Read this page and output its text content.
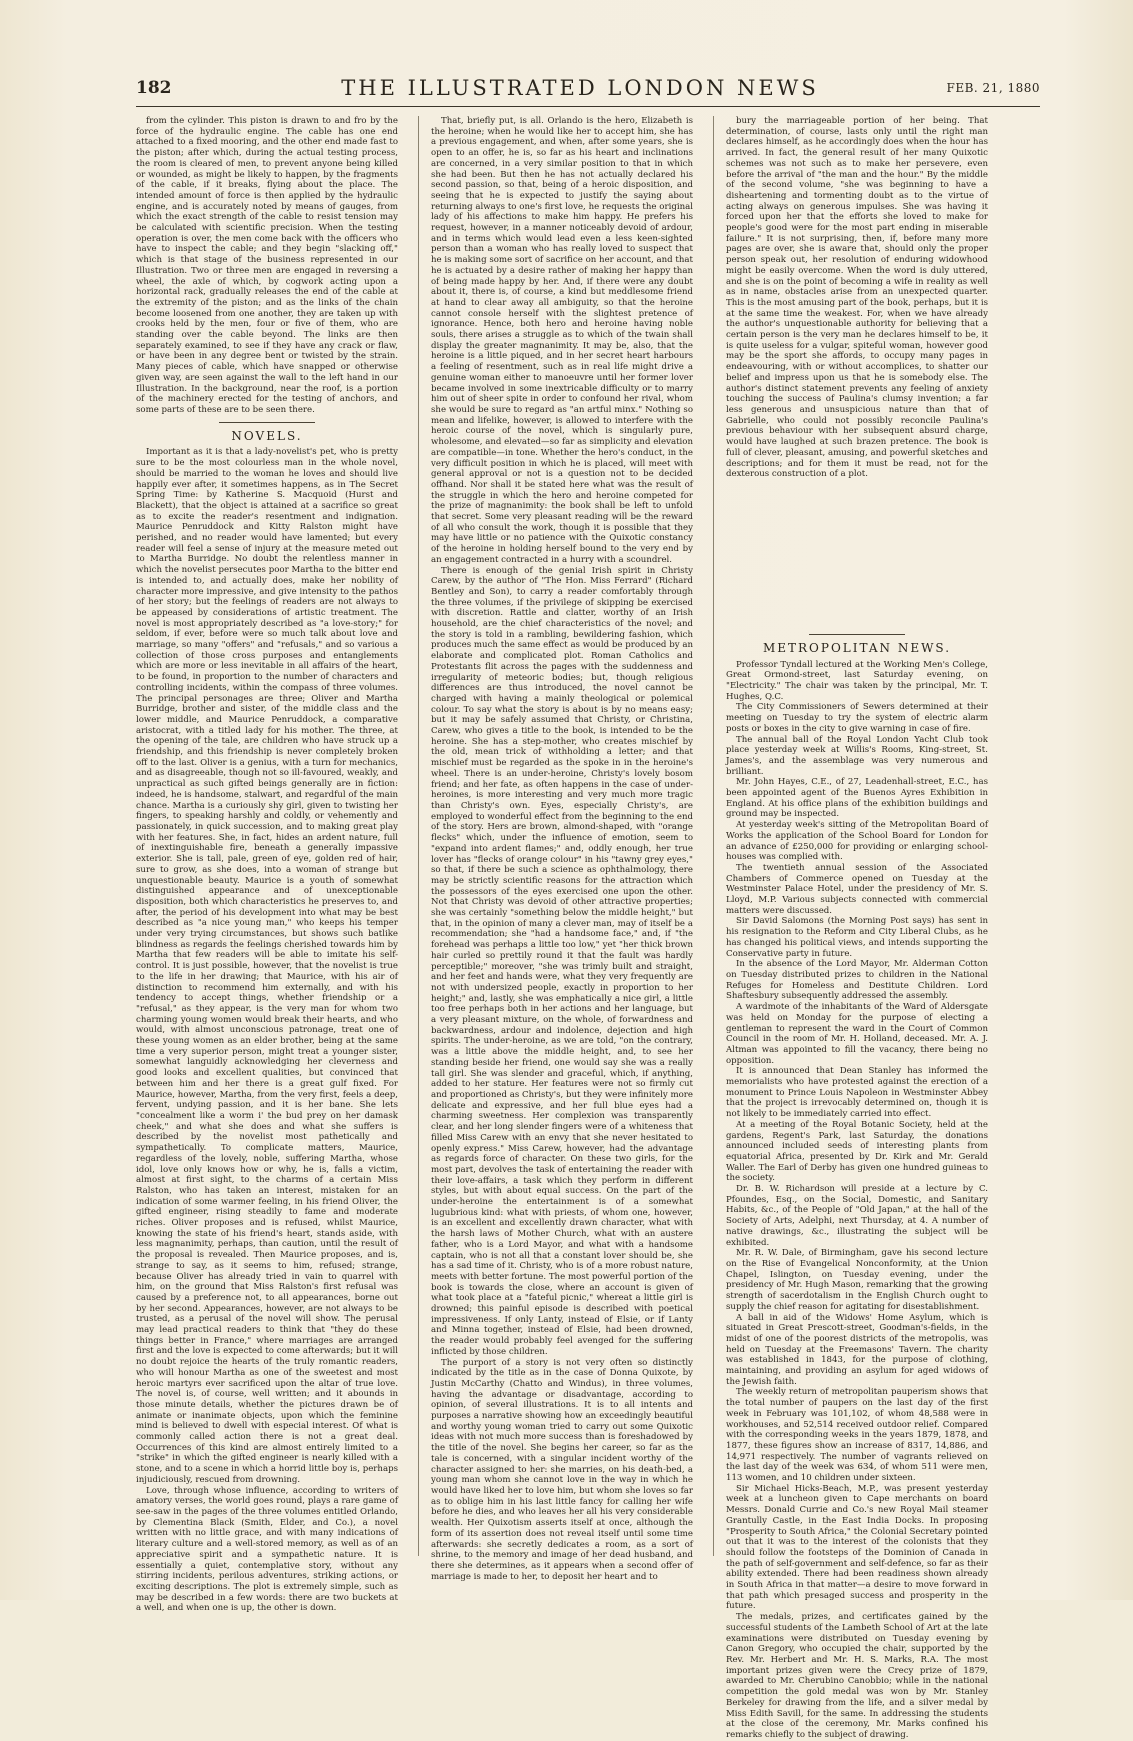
182	THE ILLUSTRATED LONDON NEWS	FEB. 21, 1880

from the cylinder. This piston is drawn to and fro by the force of the hydraulic engine. The cable has one end attached to a fixed mooring, and the other end made fast to the piston; after which, during the actual testing process, the room is cleared of men, to prevent anyone being killed or wounded, as might be likely to happen, by the fragments of the cable, if it breaks, flying about the place. The intended amount of force is then applied by the hydraulic engine, and is accurately noted by means of gauges, from which the exact strength of the cable to resist tension may be calculated with scientific precision. When the testing operation is over, the men come back with the officers who have to inspect the cable; and they begin "slacking off," which is that stage of the business represented in our Illustration. Two or three men are engaged in reversing a wheel, the axle of which, by cogwork acting upon a horizontal rack, gradually releases the end of the cable at the extremity of the piston; and as the links of the chain become loosened from one another, they are taken up with crooks held by the men, four or five of them, who are standing over the cable beyond. The links are then separately examined, to see if they have any crack or flaw, or have been in any degree bent or twisted by the strain. Many pieces of cable, which have snapped or otherwise given way, are seen against the wall to the left hand in our Illustration. In the background, near the roof, is a portion of the machinery erected for the testing of anchors, and some parts of these are to be seen there.

NOVELS.

Important as it is that a lady-novelist's pet, who is pretty sure to be the most colourless man in the whole novel, should be married to the woman he loves and should live happily ever after, it sometimes happens, as in The Secret Spring Time: by Katherine S. Macquoid (Hurst and Blackett), that the object is attained at a sacrifice so great as to excite the reader's resentment and indignation. Maurice Penruddock and Kitty Ralston might have perished, and no reader would have lamented; but every reader will feel a sense of injury at the measure meted out to Martha Burridge. No doubt the relentless manner in which the novelist persecutes poor Martha to the bitter end is intended to, and actually does, make her nobility of character more impressive, and give intensity to the pathos of her story; but the feelings of readers are not always to be appeased by considerations of artistic treatment. The novel is most appropriately described as "a love-story;" for seldom, if ever, before were so much talk about love and marriage, so many "offers" and "refusals," and so various a collection of those cross purposes and entanglements which are more or less inevitable in all affairs of the heart, to be found, in proportion to the number of characters and controlling incidents, within the compass of three volumes. The principal personages are three; Oliver and Martha Burridge, brother and sister, of the middle class and the lower middle, and Maurice Penruddock, a comparative aristocrat, with a titled lady for his mother. The three, at the opening of the tale, are children who have struck up a friendship, and this friendship is never completely broken off to the last. Oliver is a genius, with a turn for mechanics, and as disagreeable, though not so ill-favoured, weakly, and unpractical as such gifted beings generally are in fiction: indeed, he is handsome, stalwart, and regardful of the main chance. Martha is a curiously shy girl, given to twisting her fingers, to speaking harshly and coldly, or vehemently and passionately, in quick succession, and to making great play with her features. She, in fact, hides an ardent nature, full of inextinguishable fire, beneath a generally impassive exterior. She is tall, pale, green of eye, golden red of hair, sure to grow, as she does, into a woman of strange but unquestionable beauty. Maurice is a youth of somewhat distinguished appearance and of unexceptionable disposition, both which characteristics he preserves to, and after, the period of his development into what may be best described as "a nice young man," who keeps his temper under very trying circumstances, but shows such batlike blindness as regards the feelings cherished towards him by Martha that few readers will be able to imitate his self-control. It is just possible, however, that the novelist is true to the life in her drawing; that Maurice, with his air of distinction to recommend him externally, and with his tendency to accept things, whether friendship or a "refusal," as they appear, is the very man for whom two charming young women would break their hearts, and who would, with almost unconscious patronage, treat one of these young women as an elder brother, being at the same time a very superior person, might treat a younger sister, somewhat languidly acknowledging her cleverness and good looks and excellent qualities, but convinced that between him and her there is a great gulf fixed. For Maurice, however, Martha, from the very first, feels a deep, fervent, undying passion, and it is her bane. She lets "concealment like a worm i' the bud prey on her damask cheek," and what she does and what she suffers is described by the novelist most pathetically and sympathetically. To complicate matters, Maurice, regardless of the lovely, noble, suffering Martha, whose idol, love only knows how or why, he is, falls a victim, almost at first sight, to the charms of a certain Miss Ralston, who has taken an interest, mistaken for an indication of some warmer feeling, in his friend Oliver, the gifted engineer, rising steadily to fame and moderate riches. Oliver proposes and is refused, whilst Maurice, knowing the state of his friend's heart, stands aside, with less magnanimity, perhaps, than caution, until the result of the proposal is revealed. Then Maurice proposes, and is, strange to say, as it seems to him, refused; strange, because Oliver has already tried in vain to quarrel with him, on the ground that Miss Ralston's first refusal was caused by a preference not, to all appearances, borne out by her second. Appearances, however, are not always to be trusted, as a perusal of the novel will show. The perusal may lead practical readers to think that "they do these things better in France," where marriages are arranged first and the love is expected to come afterwards; but it will no doubt rejoice the hearts of the truly romantic readers, who will honour Martha as one of the sweetest and most heroic martyrs ever sacrificed upon the altar of true love. The novel is, of course, well written; and it abounds in those minute details, whether the pictures drawn be of animate or inanimate objects, upon which the feminine mind is believed to dwell with especial interest. Of what is commonly called action there is not a great deal. Occurrences of this kind are almost entirely limited to a "strike" in which the gifted engineer is nearly killed with a stone, and to a scene in which a horrid little boy is, perhaps injudiciously, rescued from drowning.

Love, through whose influence, according to writers of amatory verses, the world goes round, plays a rare game of see-saw in the pages of the three volumes entitled Orlando, by Clementina Black (Smith, Elder, and Co.), a novel written with no little grace, and with many indications of literary culture and a well-stored memory, as well as of an appreciative spirit and a sympathetic nature. It is essentially a quiet, contemplative story, without any stirring incidents, perilous adventures, striking actions, or exciting descriptions. The plot is extremely simple, such as may be described in a few words: there are two buckets at a well, and when one is up, the other is down.

That, briefly put, is all. Orlando is the hero, Elizabeth is the heroine; when he would like her to accept him, she has a previous engagement, and when, after some years, she is open to an offer, he is, so far as his heart and inclinations are concerned, in a very similar position to that in which she had been. But then he has not actually declared his second passion, so that, being of a heroic disposition, and seeing that he is expected to justify the saying about returning always to one's first love, he requests the original lady of his affections to make him happy. He prefers his request, however, in a manner noticeably devoid of ardour, and in terms which would lead even a less keen-sighted person than a woman who has really loved to suspect that he is making some sort of sacrifice on her account, and that he is actuated by a desire rather of making her happy than of being made happy by her. And, if there were any doubt about it, there is, of course, a kind but meddlesome friend at hand to clear away all ambiguity, so that the heroine cannot console herself with the slightest pretence of ignorance. Hence, both hero and heroine having noble souls, there arises a struggle as to which of the twain shall display the greater magnanimity. It may be, also, that the heroine is a little piqued, and in her secret heart harbours a feeling of resentment, such as in real life might drive a genuine woman either to manoeuvre until her former lover became involved in some inextricable difficulty or to marry him out of sheer spite in order to confound her rival, whom she would be sure to regard as "an artful minx." Nothing so mean and lifelike, however, is allowed to interfere with the heroic course of the novel, which is singularly pure, wholesome, and elevated—so far as simplicity and elevation are compatible—in tone. Whether the hero's conduct, in the very difficult position in which he is placed, will meet with general approval or not is a question not to be decided offhand. Nor shall it be stated here what was the result of the struggle in which the hero and heroine competed for the prize of magnanimity: the book shall be left to unfold that secret. Some very pleasant reading will be the reward of all who consult the work, though it is possible that they may have little or no patience with the Quixotic constancy of the heroine in holding herself bound to the very end by an engagement contracted in a hurry with a scoundrel.

There is enough of the genial Irish spirit in Christy Carew, by the author of "The Hon. Miss Ferrard" (Richard Bentley and Son), to carry a reader comfortably through the three volumes, if the privilege of skipping be exercised with discretion. Rattle and clatter, worthy of an Irish household, are the chief characteristics of the novel; and the story is told in a rambling, bewildering fashion, which produces much the same effect as would be produced by an elaborate and complicated plot. Roman Catholics and Protestants flit across the pages with the suddenness and irregularity of meteoric bodies; but, though religious differences are thus introduced, the novel cannot be charged with having a mainly theological or polemical colour. To say what the story is about is by no means easy; but it may be safely assumed that Christy, or Christina, Carew, who gives a title to the book, is intended to be the heroine. She has a step-mother, who creates mischief by the old, mean trick of withholding a letter; and that mischief must be regarded as the spoke in in the heroine's wheel. There is an under-heroine, Christy's lovely bosom friend; and her fate, as often happens in the case of under-heroines, is more interesting and very much more tragic than Christy's own. Eyes, especially Christy's, are employed to wonderful effect from the beginning to the end of the story. Hers are brown, almond-shaped, with "orange flecks" which, under the influence of emotion, seem to "expand into ardent flames;" and, oddly enough, her true lover has "flecks of orange colour" in his "tawny grey eyes," so that, if there be such a science as ophthalmology, there may be strictly scientific reasons for the attraction which the possessors of the eyes exercised one upon the other. Not that Christy was devoid of other attractive properties; she was certainly "something below the middle height," but that, in the opinion of many a clever man, may of itself be a recommendation; she "had a handsome face," and, if "the forehead was perhaps a little too low," yet "her thick brown hair curled so prettily round it that the fault was hardly perceptible;" moreover, "she was trimly built and straight, and her feet and hands were, what they very frequently are not with undersized people, exactly in proportion to her height;" and, lastly, she was emphatically a nice girl, a little too free perhaps both in her actions and her language, but a very pleasant mixture, on the whole, of forwardness and backwardness, ardour and indolence, dejection and high spirits. The under-heroine, as we are told, "on the contrary, was a little above the middle height, and, to see her standing beside her friend, one would say she was a really tall girl. She was slender and graceful, which, if anything, added to her stature. Her features were not so firmly cut and proportioned as Christy's, but they were infinitely more delicate and expressive, and her full blue eyes had a charming sweetness. Her complexion was transparently clear, and her long slender fingers were of a whiteness that filled Miss Carew with an envy that she never hesitated to openly express." Miss Carew, however, had the advantage as regards force of character. On these two girls, for the most part, devolves the task of entertaining the reader with their love-affairs, a task which they perform in different styles, but with about equal success. On the part of the under-heroine the entertainment is of a somewhat lugubrious kind: what with priests, of whom one, however, is an excellent and excellently drawn character, what with the harsh laws of Mother Church, what with an austere father, who is a Lord Mayor, and what with a handsome captain, who is not all that a constant lover should be, she has a sad time of it. Christy, who is of a more robust nature, meets with better fortune. The most powerful portion of the book is towards the close, where an account is given of what took place at a "fateful picnic," whereat a little girl is drowned; this painful episode is described with poetical impressiveness. If only Lanty, instead of Elsie, or if Lanty and Minna together, instead of Elsie, had been drowned, the reader would probably feel avenged for the suffering inflicted by those children.

The purport of a story is not very often so distinctly indicated by the title as in the case of Donna Quixote, by Justin McCarthy (Chatto and Windus), in three volumes, having the advantage or disadvantage, according to opinion, of several illustrations. It is to all intents and purposes a narrative showing how an exceedingly beautiful and worthy young woman tried to carry out some Quixotic ideas with not much more success than is foreshadowed by the title of the novel. She begins her career, so far as the tale is concerned, with a singular incident worthy of the character assigned to her: she marries, on his death-bed, a young man whom she cannot love in the way in which he would have liked her to love him, but whom she loves so far as to oblige him in his last little fancy for calling her wife before he dies, and who leaves her all his very considerable wealth. Her Quixotism asserts itself at once, although the form of its assertion does not reveal itself until some time afterwards: she secretly dedicates a room, as a sort of shrine, to the memory and image of her dead husband, and there she determines, as it appears when a second offer of marriage is made to her, to deposit her heart and to

bury the marriageable portion of her being. That determination, of course, lasts only until the right man declares himself, as he accordingly does when the hour has arrived. In fact, the general result of her many Quixotic schemes was not such as to make her persevere, even before the arrival of "the man and the hour." By the middle of the second volume, "she was beginning to have a disheartening and tormenting doubt as to the virtue of acting always on generous impulses. She was having it forced upon her that the efforts she loved to make for people's good were for the most part ending in miserable failure." It is not surprising, then, if, before many more pages are over, she is aware that, should only the proper person speak out, her resolution of enduring widowhood might be easily overcome. When the word is duly uttered, and she is on the point of becoming a wife in reality as well as in name, obstacles arise from an unexpected quarter. This is the most amusing part of the book, perhaps, but it is at the same time the weakest. For, when we have already the author's unquestionable authority for believing that a certain person is the very man he declares himself to be, it is quite useless for a vulgar, spiteful woman, however good may be the sport she affords, to occupy many pages in endeavouring, with or without accomplices, to shatter our belief and impress upon us that he is somebody else. The author's distinct statement prevents any feeling of anxiety touching the success of Paulina's clumsy invention; a far less generous and unsuspicious nature than that of Gabrielle, who could not possibly reconcile Paulina's previous behaviour with her subsequent absurd charge, would have laughed at such brazen pretence. The book is full of clever, pleasant, amusing, and powerful sketches and descriptions; and for them it must be read, not for the dexterous construction of a plot.

METROPOLITAN NEWS.

Professor Tyndall lectured at the Working Men's College, Great Ormond-street, last Saturday evening, on "Electricity." The chair was taken by the principal, Mr. T. Hughes, Q.C.

The City Commissioners of Sewers determined at their meeting on Tuesday to try the system of electric alarm posts or boxes in the city to give warning in case of fire.

The annual ball of the Royal London Yacht Club took place yesterday week at Willis's Rooms, King-street, St. James's, and the assemblage was very numerous and brilliant.

Mr. John Hayes, C.E., of 27, Leadenhall-street, E.C., has been appointed agent of the Buenos Ayres Exhibition in England. At his office plans of the exhibition buildings and ground may be inspected.

At yesterday week's sitting of the Metropolitan Board of Works the application of the School Board for London for an advance of £250,000 for providing or enlarging school-houses was complied with.

The twentieth annual session of the Associated Chambers of Commerce opened on Tuesday at the Westminster Palace Hotel, under the presidency of Mr. S. Lloyd, M.P. Various subjects connected with commercial matters were discussed.

Sir David Salomons (the Morning Post says) has sent in his resignation to the Reform and City Liberal Clubs, as he has changed his political views, and intends supporting the Conservative party in future.

In the absence of the Lord Mayor, Mr. Alderman Cotton on Tuesday distributed prizes to children in the National Refuges for Homeless and Destitute Children. Lord Shaftesbury subsequently addressed the assembly.

A wardmote of the inhabitants of the Ward of Aldersgate was held on Monday for the purpose of electing a gentleman to represent the ward in the Court of Common Council in the room of Mr. H. Holland, deceased. Mr. A. J. Altman was appointed to fill the vacancy, there being no opposition.

It is announced that Dean Stanley has informed the memorialists who have protested against the erection of a monument to Prince Louis Napoleon in Westminster Abbey that the project is irrevocably determined on, though it is not likely to be immediately carried into effect.

At a meeting of the Royal Botanic Society, held at the gardens, Regent's Park, last Saturday, the donations announced included seeds of interesting plants from equatorial Africa, presented by Dr. Kirk and Mr. Gerald Waller. The Earl of Derby has given one hundred guineas to the society.

Dr. B. W. Richardson will preside at a lecture by C. Pfoundes, Esq., on the Social, Domestic, and Sanitary Habits, &c., of the People of "Old Japan," at the hall of the Society of Arts, Adelphi, next Thursday, at 4. A number of native drawings, &c., illustrating the subject will be exhibited.

Mr. R. W. Dale, of Birmingham, gave his second lecture on the Rise of Evangelical Nonconformity, at the Union Chapel, Islington, on Tuesday evening, under the presidency of Mr. Hugh Mason, remarking that the growing strength of sacerdotalism in the English Church ought to supply the chief reason for agitating for disestablishment.

A ball in aid of the Widows' Home Asylum, which is situated in Great Prescott-street, Goodman's-fields, in the midst of one of the poorest districts of the metropolis, was held on Tuesday at the Freemasons' Tavern. The charity was established in 1843, for the purpose of clothing, maintaining, and providing an asylum for aged widows of the Jewish faith.

The weekly return of metropolitan pauperism shows that the total number of paupers on the last day of the first week in February was 101,102, of whom 48,588 were in workhouses, and 52,514 received outdoor relief. Compared with the corresponding weeks in the years 1879, 1878, and 1877, these figures show an increase of 8317, 14,886, and 14,971 respectively. The number of vagrants relieved on the last day of the week was 634, of whom 511 were men, 113 women, and 10 children under sixteen.

Sir Michael Hicks-Beach, M.P., was present yesterday week at a luncheon given to Cape merchants on board Messrs. Donald Currie and Co.'s new Royal Mail steamer Grantully Castle, in the East India Docks. In proposing "Prosperity to South Africa," the Colonial Secretary pointed out that it was to the interest of the colonists that they should follow the footsteps of the Dominion of Canada in the path of self-government and self-defence, so far as their ability extended. There had been readiness shown already in South Africa in that matter—a desire to move forward in that path which presaged success and prosperity in the future.

The medals, prizes, and certificates gained by the successful students of the Lambeth School of Art at the late examinations were distributed on Tuesday evening by Canon Gregory, who occupied the chair, supported by the Rev. Mr. Herbert and Mr. H. S. Marks, R.A. The most important prizes given were the Crecy prize of 1879, awarded to Mr. Cherubino Canobbio; while in the national competition the gold medal was won by Mr. Stanley Berkeley for drawing from the life, and a silver medal by Miss Edith Savill, for the same. In addressing the students at the close of the ceremony, Mr. Marks confined his remarks chiefly to the subject of drawing.
